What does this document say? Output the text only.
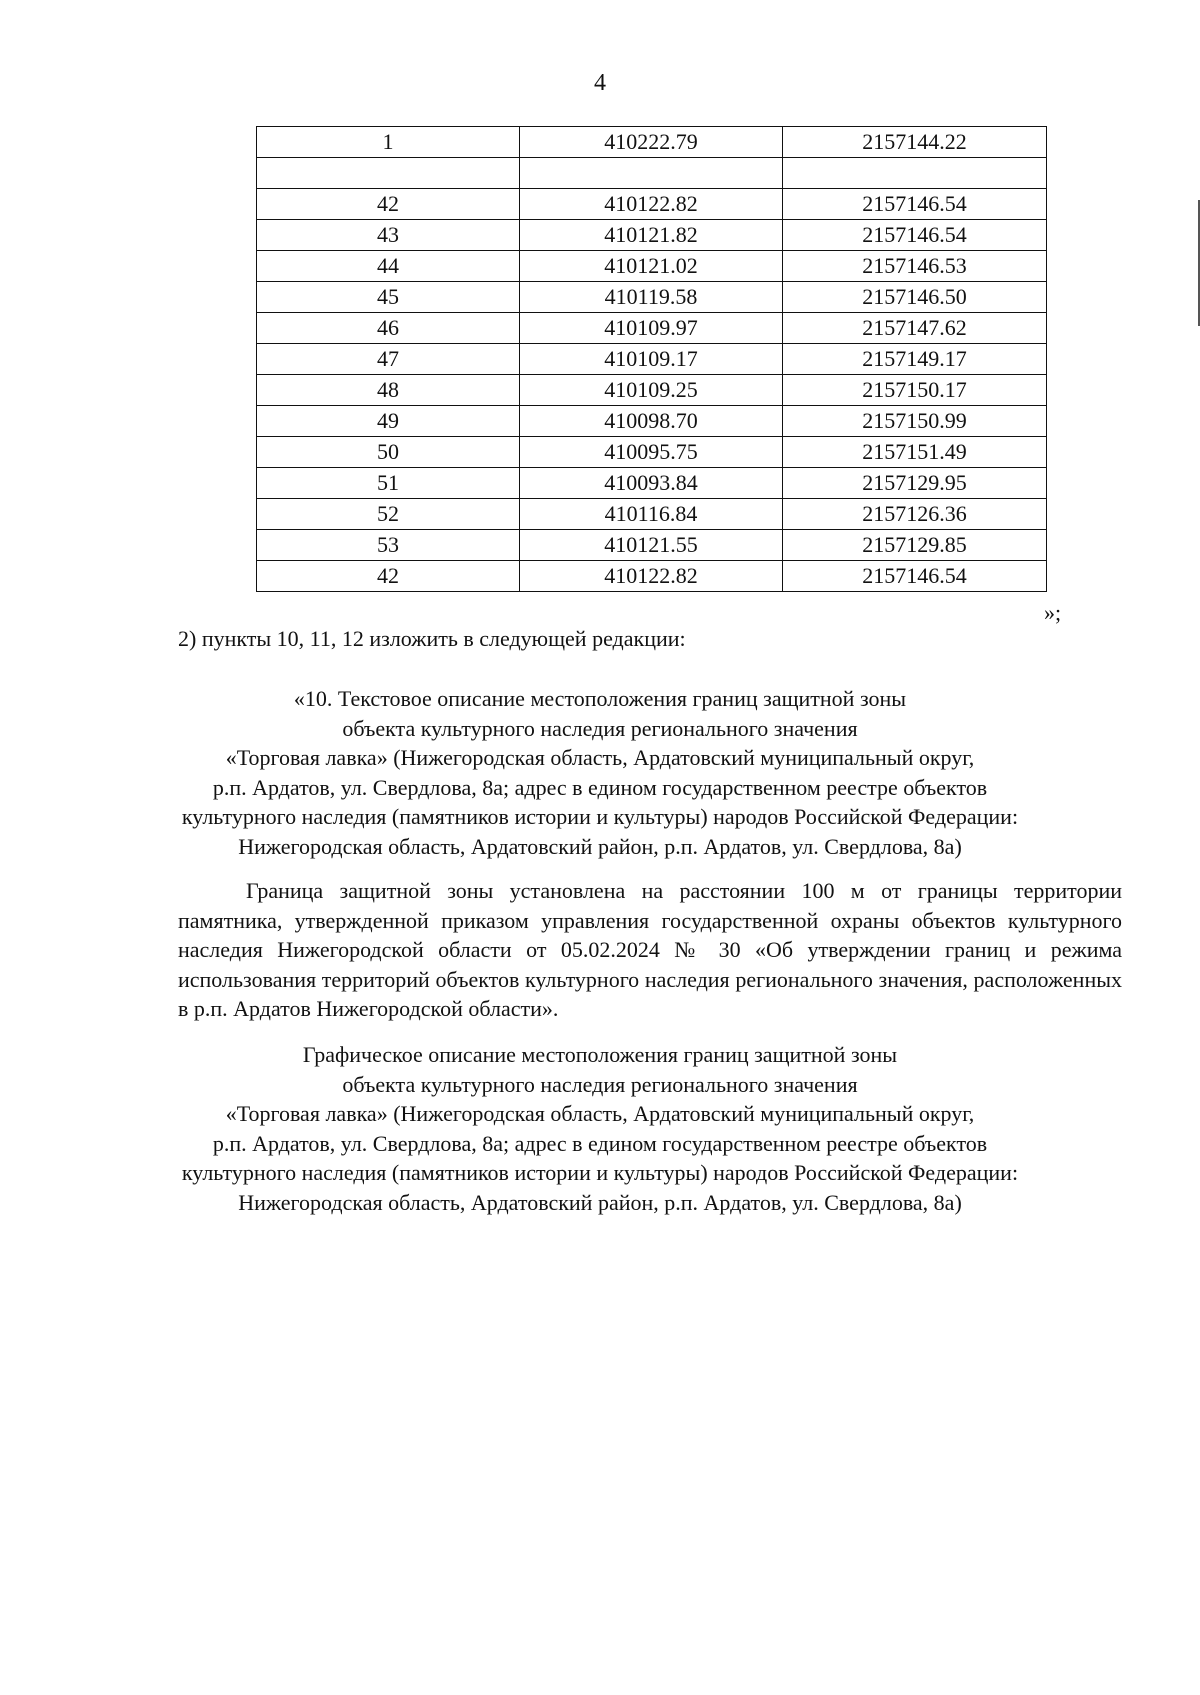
4
1	410222.79	2157144.22

42	410122.82	2157146.54
43	410121.82	2157146.54
44	410121.02	2157146.53
45	410119.58	2157146.50
46	410109.97	2157147.62
47	410109.17	2157149.17
48	410109.25	2157150.17
49	410098.70	2157150.99
50	410095.75	2157151.49
51	410093.84	2157129.95
52	410116.84	2157126.36
53	410121.55	2157129.85
42	410122.82	2157146.54
»;
2) пункты 10, 11, 12 изложить в следующей редакции:
«10. Текстовое описание местоположения границ защитной зоны
объекта культурного наследия регионального значения
«Торговая лавка» (Нижегородская область, Ардатовский муниципальный округ,
р.п. Ардатов, ул. Свердлова, 8а; адрес в едином государственном реестре объектов
культурного наследия (памятников истории и культуры) народов Российской Федерации:
Нижегородская область, Ардатовский район, р.п. Ардатов, ул. Свердлова, 8а)
Граница защитной зоны установлена на расстоянии 100 м от границы территории памятника, утвержденной приказом управления государственной охраны объектов культурного наследия Нижегородской области от 05.02.2024 № 30 «Об утверждении границ и режима использования территорий объектов культурного наследия регионального значения, расположенных в р.п. Ардатов Нижегородской области».
Графическое описание местоположения границ защитной зоны
объекта культурного наследия регионального значения
«Торговая лавка» (Нижегородская область, Ардатовский муниципальный округ,
р.п. Ардатов, ул. Свердлова, 8а; адрес в едином государственном реестре объектов
культурного наследия (памятников истории и культуры) народов Российской Федерации:
Нижегородская область, Ардатовский район, р.п. Ардатов, ул. Свердлова, 8а)
